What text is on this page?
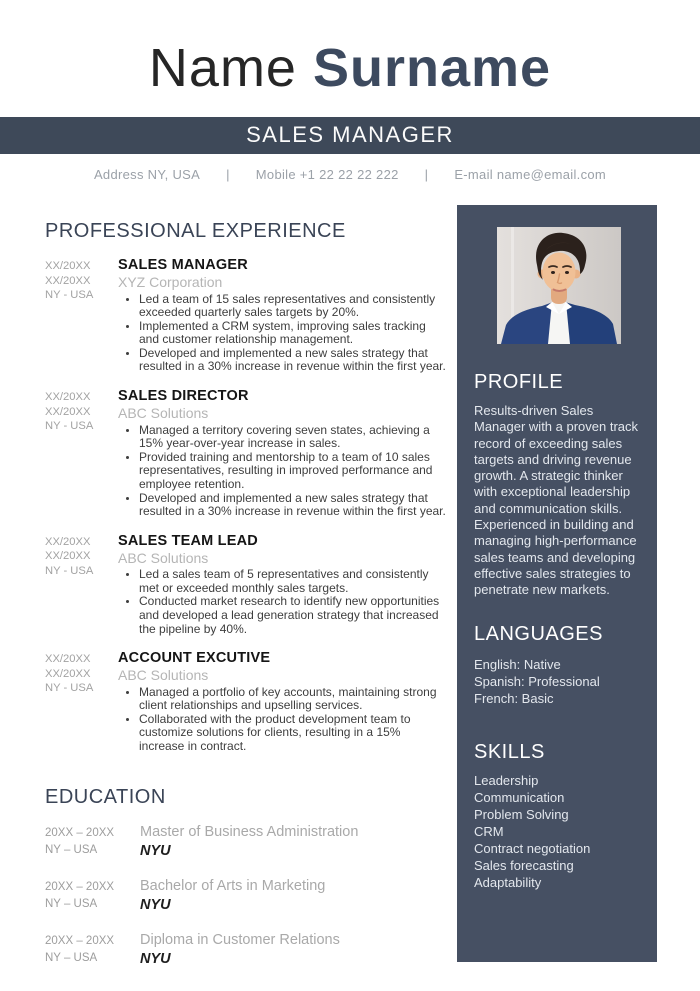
Name Surname
SALES MANAGER
Address NY, USA | Mobile +1 22 22 22 222 | E-mail name@email.com
PROFESSIONAL EXPERIENCE
XX/20XX
XX/20XX
NY - USA
SALES MANAGER
XYZ Corporation
• Led a team of 15 sales representatives and consistently exceeded quarterly sales targets by 20%.
• Implemented a CRM system, improving sales tracking and customer relationship management.
• Developed and implemented a new sales strategy that resulted in a 30% increase in revenue within the first year.
XX/20XX
XX/20XX
NY - USA
SALES DIRECTOR
ABC Solutions
• Managed a territory covering seven states, achieving a 15% year-over-year increase in sales.
• Provided training and mentorship to a team of 10 sales representatives, resulting in improved performance and employee retention.
• Developed and implemented a new sales strategy that resulted in a 30% increase in revenue within the first year.
XX/20XX
XX/20XX
NY - USA
SALES TEAM LEAD
ABC Solutions
• Led a sales team of 5 representatives and consistently met or exceeded monthly sales targets.
• Conducted market research to identify new opportunities and developed a lead generation strategy that increased the pipeline by 40%.
XX/20XX
XX/20XX
NY - USA
ACCOUNT EXCUTIVE
ABC Solutions
• Managed a portfolio of key accounts, maintaining strong client relationships and upselling services.
• Collaborated with the product development team to customize solutions for clients, resulting in a 15% increase in contract.
EDUCATION
20XX – 20XX
NY – USA
Master of Business Administration
NYU
20XX – 20XX
NY – USA
Bachelor of Arts in Marketing
NYU
20XX – 20XX
NY – USA
Diploma in Customer Relations
NYU
PROFILE

Results-driven Sales Manager with a proven track record of exceeding sales targets and driving revenue growth. A strategic thinker with exceptional leadership and communication skills. Experienced in building and managing high-performance sales teams and developing effective sales strategies to penetrate new markets.

LANGUAGES
English: Native
Spanish: Professional
French: Basic
SKILLS
Leadership
Communication
Problem Solving
CRM
Contract negotiation
Sales forecasting
Adaptability
